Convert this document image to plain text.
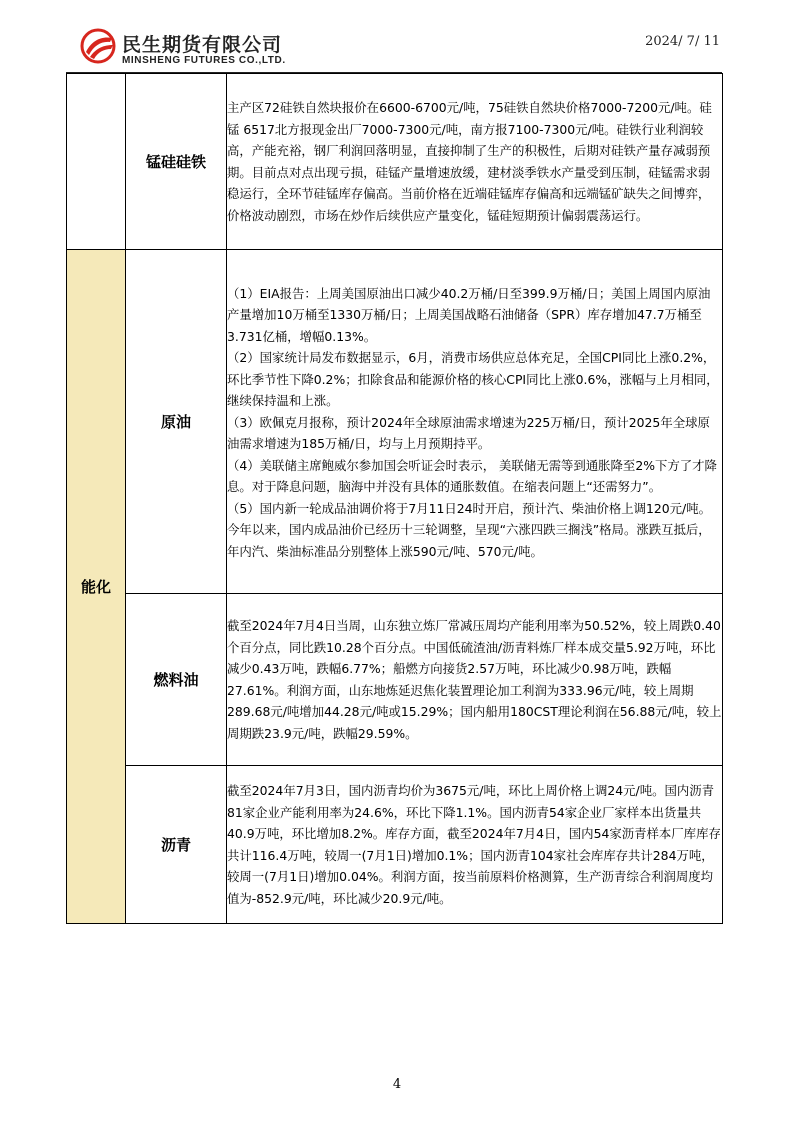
民生期货有限公司
MINSHENG FUTURES CO.,LTD.
2024/ 7/ 11
	锰硅硅铁	主产区72硅铁自然块报价在6600-6700元/吨，75硅铁自然块价格7000-7200元/吨。硅锰 6517北方报现金出厂7000-7300元/吨，南方报7100-7300元/吨。硅铁行业利润较高，产能充裕，钢厂利润回落明显，直接抑制了生产的积极性，后期对硅铁产量存减弱预期。目前点对点出现亏损，硅锰产量增速放缓，建材淡季铁水产量受到压制，硅锰需求弱稳运行，全环节硅锰库存偏高。当前价格在近端硅锰库存偏高和远端锰矿缺失之间博弈，价格波动剧烈，市场在炒作后续供应产量变化，锰硅短期预计偏弱震荡运行。
能化	原油	（1）EIA报告：上周美国原油出口减少40.2万桶/日至399.9万桶/日；美国上周国内原油产量增加10万桶至1330万桶/日；上周美国战略石油储备（SPR）库存增加47.7万桶至3.731亿桶，增幅0.13%。
（2）国家统计局发布数据显示，6月，消费市场供应总体充足，全国CPI同比上涨0.2%，环比季节性下降0.2%；扣除食品和能源价格的核心CPI同比上涨0.6%，涨幅与上月相同，继续保持温和上涨。
（3）欧佩克月报称，预计2024年全球原油需求增速为225万桶/日，预计2025年全球原油需求增速为185万桶/日，均与上月预期持平。
（4）美联储主席鲍威尔参加国会听证会时表示， 美联储无需等到通胀降至2%下方了才降息。对于降息问题，脑海中并没有具体的通胀数值。在缩表问题上“还需努力”。
（5）国内新一轮成品油调价将于7月11日24时开启，预计汽、柴油价格上调120元/吨。今年以来，国内成品油价已经历十三轮调整，呈现“六涨四跌三搁浅”格局。涨跌互抵后，年内汽、柴油标准品分别整体上涨590元/吨、570元/吨。

	燃料油	截至2024年7月4日当周，山东独立炼厂常减压周均产能利用率为50.52%，较上周跌0.40个百分点，同比跌10.28个百分点。中国低硫渣油/沥青料炼厂样本成交量5.92万吨，环比减少0.43万吨，跌幅6.77%；船燃方向接货2.57万吨，环比减少0.98万吨，跌幅27.61%。利润方面，山东地炼延迟焦化装置理论加工利润为333.96元/吨，较上周期289.68元/吨增加44.28元/吨或15.29%；国内船用180CST理论利润在56.88元/吨，较上周期跌23.9元/吨，跌幅29.59%。
	沥青	截至2024年7月3日，国内沥青均价为3675元/吨，环比上周价格上调24元/吨。国内沥青81家企业产能利用率为24.6%，环比下降1.1%。国内沥青54家企业厂家样本出货量共40.9万吨，环比增加8.2%。库存方面，截至2024年7月4日，国内54家沥青样本厂库库存共计116.4万吨，较周一(7月1日)增加0.1%；国内沥青104家社会库库存共计284万吨，较周一(7月1日)增加0.04%。利润方面，按当前原料价格测算，生产沥青综合利润周度均值为-852.9元/吨，环比减少20.9元/吨。
4
